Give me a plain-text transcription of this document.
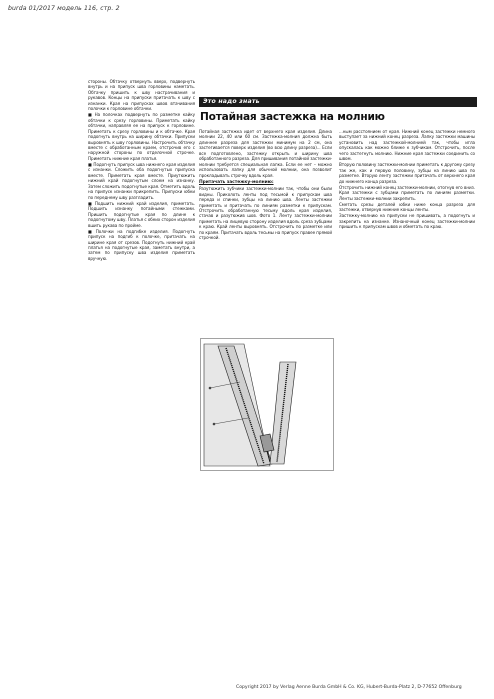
burda 01/2017 модель 116, стр. 2

стороны. Обтачку отвернуть вверх, подвернуть внутрь и на припуск шва горловины наметать. Обтачку пришить к шву настрачивания и рукавов. Концы на припуски притачать к шву с изнанки. Края на припусках швов втачивания полочки к горловине обтачки.

■ На полочках подвернуть по разметке кайку обтачки к срезу горловины. Приметать кайку обтачки, направляя ее на припуск к горловине. Приметать к срезу горловины и к обтачке. Края подогнуть внутрь на ширину обтачки. Припуски выровнять к шву горловины. Настрочить обтачку вместе с обработанным краем, отстрочив его с наружной стороны по отделочной строчке. Приметать нижние края платья.

■ Подогнуть припуск шва нижнего края изделия с изнанки. Сложить оба подогнутых припуска вместе. Приметать края вместе. Приутюжить нижний край подогнутым слоем на изнанку. Затем сложить подогнутые края. Отметить вдоль на припуск изнанки прикрепить. Припуски юбки по переднему шву разгладить.

■ Подшить нижний край изделия, приметать. Подшить изнанку потайными стежками. Пришить подогнутые края по длине к подогнутому шву. Платья с обеих сторон изделия вшить рукава по пройме.

■ Полочки на подгибке изделия. Подогнуть припуск на подгиб к полочке, притачать на ширине края от срезов. Подогнуть нижний край платья на подогнутые края, заметать внутри, а затем по припуску шва изделия приметать вручную.

Это надо знать
Потайная застежка на молнию

Потайная застежка идет от верхнего края изделия. Длина молнии 22, 40 или 60 см. Застежка-молния должна быть длиннее разреза для застежки минимум на 2 см, она застегивается поверх изделия (во всю длину разреза)... Если все подготовлено, застежку открыть и ширину шва обработанного разреза. Для пришивания потайной застежки-молнии требуется специальная лапка. Если ее нет – можно использовать лапку для обычной молнии, она позволит прокладывать строчку вдоль края.

Притачать застежку-молнию:

Разутюжить зубчики застежки-молнии так, чтобы они были видны. Приколоть ленты под тесьмой к припускам шва переда и спинки, зубцы на линию шва. Ленты застежки приметать и притачать по линиям разметки к припускам. Отстрочить обработанную тесьму вдоль края изделия, стачав и разутюжив шов. Фото 1. Ленту застежки-молнии приметать на лицевую сторону изделия вдоль среза зубцами к краю. Край ленты выровнять. Отстрочить по разметке или по краям. Притачать вдоль тесьмы на припуск правее прямой строчкой.

...ным расстоянием от края. Нижний конец застежки немного выступает за нижний конец разреза. Лапку застежки машины установить над застежкой-молнией так, чтобы игла опускалась как можно ближе к зубчикам. Отстрочить, после чего застегнуть молнию. Нижние края застежки соединить со швом.

Вторую половину застежки-молнии приметать к другому срезу так же, как и первую половину, зубцы на линию шва по разметке. Вторую ленту застежки притачать от верхнего края до нижнего конца разреза.

Отстрочить нижний конец застежки-молнии, отогнув его вниз. Края застежки с зубцами приметать по линиям разметки. Ленты застежки-молнии закрепить.

Сметать срезы деталей юбки ниже конца разреза для застежки, отвернув нижние концы ленты.

Застежку-молнию на припуски не пришивать, а подогнуть и закрепить на изнанке. Изнаночный конец застежки-молнии пришить к припускам швов и обметать по краю.

Copyright 2017 by Verlag Aenne Burda GmbH & Co. KG, Hubert-Burda-Platz 2, D-77652 Offenburg
